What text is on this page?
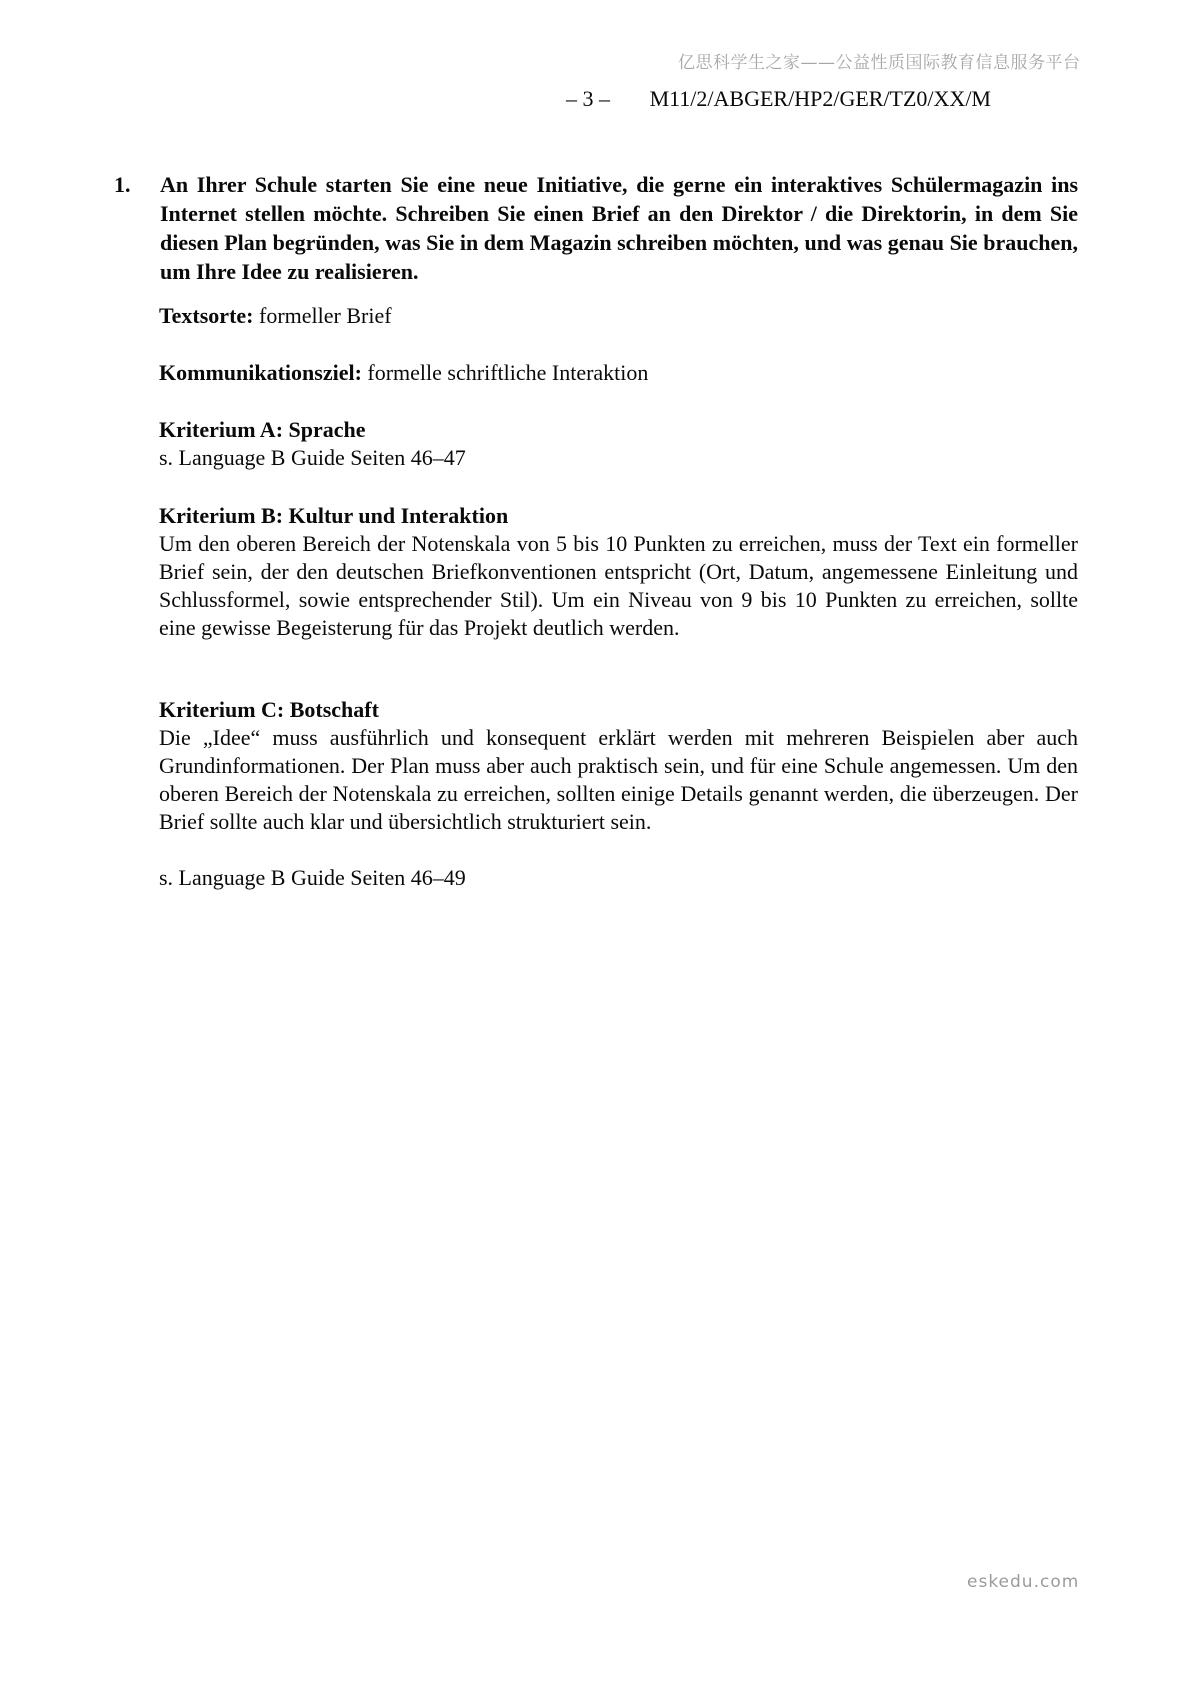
亿思科学生之家——公益性质国际教育信息服务平台
– 3 – M11/2/ABGER/HP2/GER/TZ0/XX/M
1.	An Ihrer Schule starten Sie eine neue Initiative, die gerne ein interaktives Schülermagazin ins Internet stellen möchte. Schreiben Sie einen Brief an den Direktor / die Direktorin, in dem Sie diesen Plan begründen, was Sie in dem Magazin schreiben möchten, und was genau Sie brauchen, um Ihre Idee zu realisieren.
Textsorte: formeller Brief
Kommunikationsziel: formelle schriftliche Interaktion

Kriterium A: Sprache

s. Language B Guide Seiten 46–47

Kriterium B: Kultur und Interaktion

Um den oberen Bereich der Notenskala von 5 bis 10 Punkten zu erreichen, muss der Text ein formeller Brief sein, der den deutschen Briefkonventionen entspricht (Ort, Datum, angemessene Einleitung und Schlussformel, sowie entsprechender Stil). Um ein Niveau von 9 bis 10 Punkten zu erreichen, sollte eine gewisse Begeisterung für das Projekt deutlich werden.

Kriterium C: Botschaft

Die „Idee“ muss ausführlich und konsequent erklärt werden mit mehreren Beispielen aber auch Grundinformationen. Der Plan muss aber auch praktisch sein, und für eine Schule angemessen. Um den oberen Bereich der Notenskala zu erreichen, sollten einige Details genannt werden, die überzeugen. Der Brief sollte auch klar und übersichtlich strukturiert sein.

s. Language B Guide Seiten 46–49

eskedu.com
